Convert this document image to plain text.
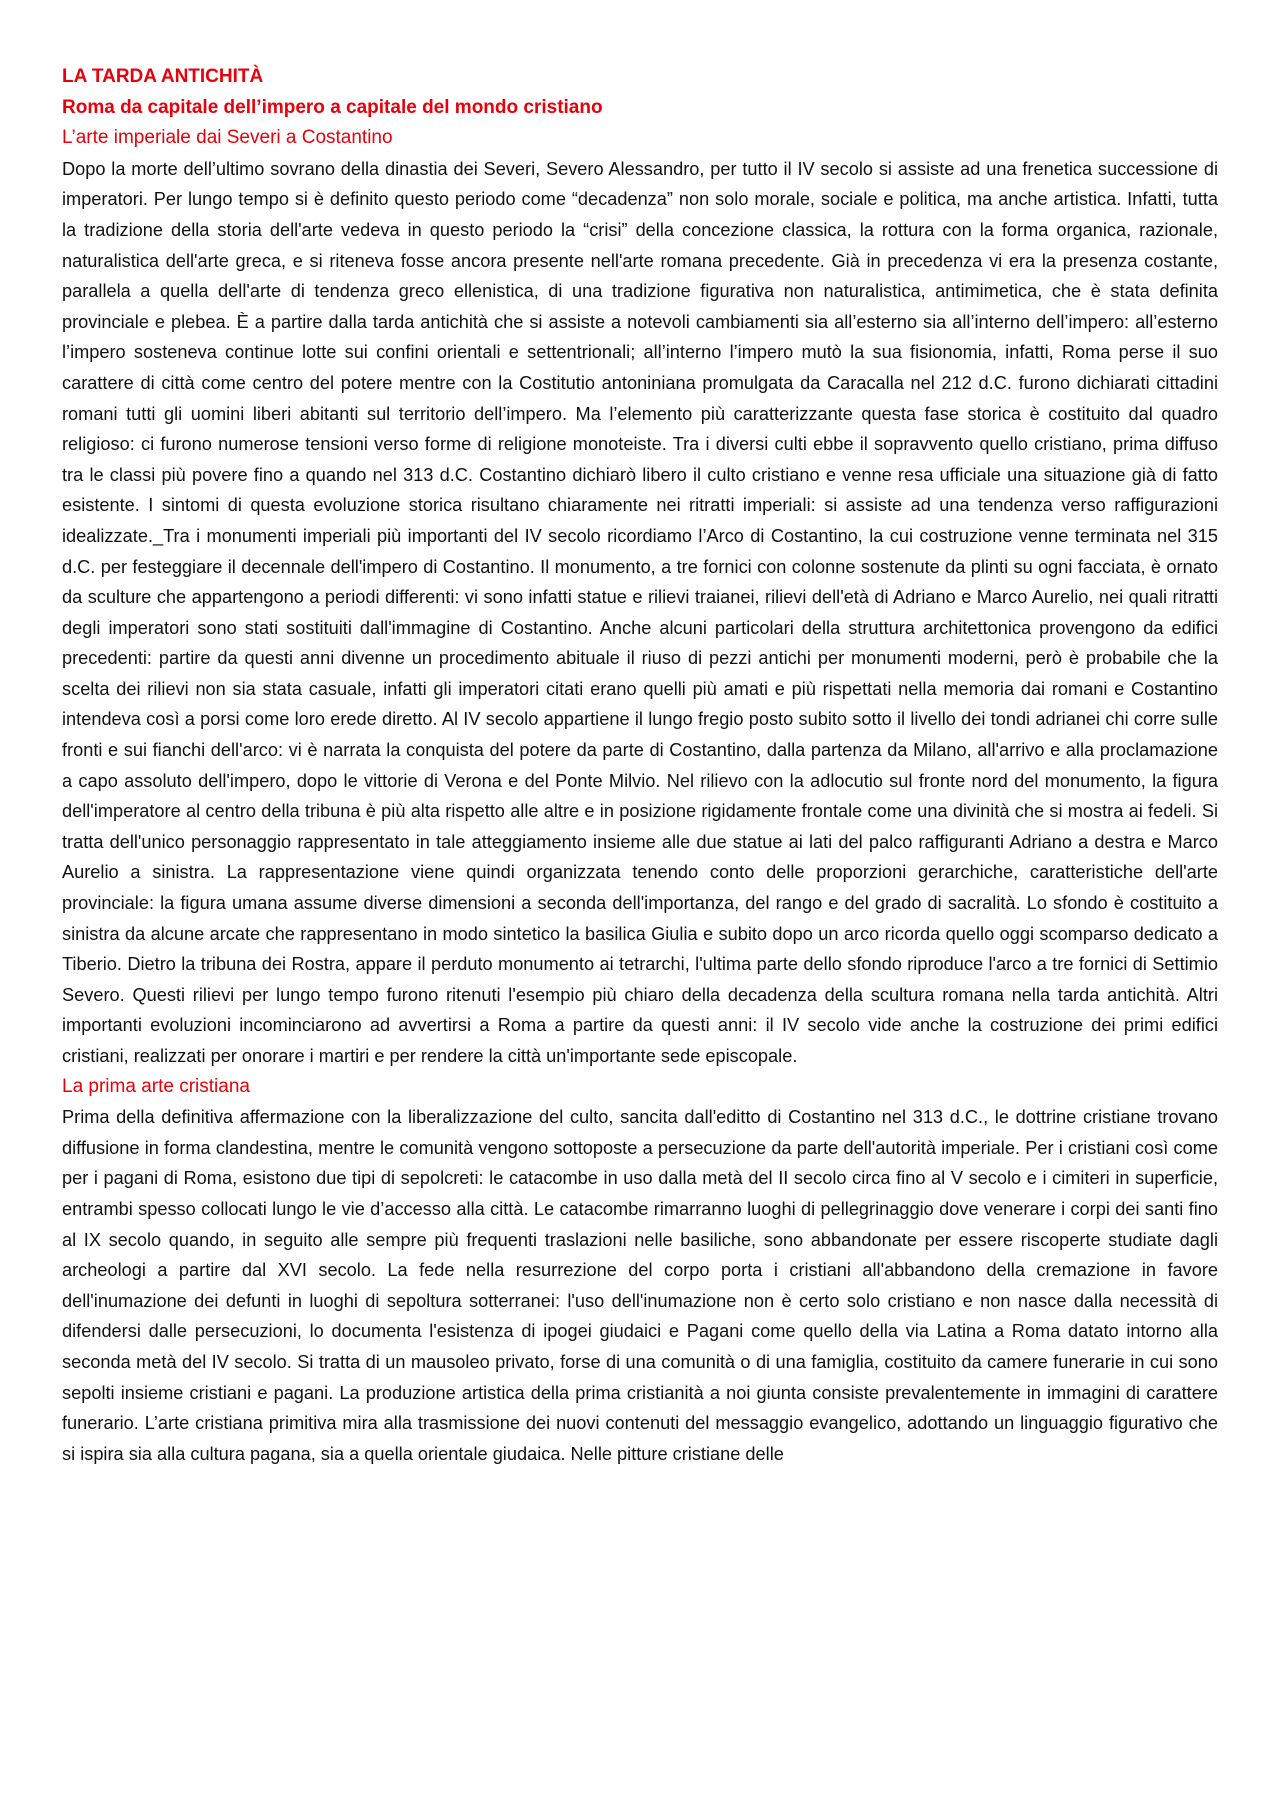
LA TARDA ANTICHITÀ

Roma da capitale dell’impero a capitale del mondo cristiano

L’arte imperiale dai Severi a Costantino

Dopo la morte dell’ultimo sovrano della dinastia dei Severi, Severo Alessandro, per tutto il IV secolo si assiste ad una frenetica successione di imperatori. Per lungo tempo si è definito questo periodo come “decadenza” non solo morale, sociale e politica, ma anche artistica. Infatti, tutta la tradizione della storia dell'arte vedeva in questo periodo la “crisi” della concezione classica, la rottura con la forma organica, razionale, naturalistica dell'arte greca, e si riteneva fosse ancora presente nell'arte romana precedente. Già in precedenza vi era la presenza costante, parallela a quella dell'arte di tendenza greco ellenistica, di una tradizione figurativa non naturalistica, antimimetica, che è stata definita provinciale e plebea. È a partire dalla tarda antichità che si assiste a notevoli cambiamenti sia all’esterno sia all’interno dell’impero: all’esterno l’impero sosteneva continue lotte sui confini orientali e settentrionali; all’interno l’impero mutò la sua fisionomia, infatti, Roma perse il suo carattere di città come centro del potere mentre con la Costitutio antoniniana promulgata da Caracalla nel 212 d.C. furono dichiarati cittadini romani tutti gli uomini liberi abitanti sul territorio dell’impero. Ma l’elemento più caratterizzante questa fase storica è costituito dal quadro religioso: ci furono numerose tensioni verso forme di religione monoteiste. Tra i diversi culti ebbe il sopravvento quello cristiano, prima diffuso tra le classi più povere fino a quando nel 313 d.C. Costantino dichiarò libero il culto cristiano e venne resa ufficiale una situazione già di fatto esistente. I sintomi di questa evoluzione storica risultano chiaramente nei ritratti imperiali: si assiste ad una tendenza verso raffigurazioni idealizzate._Tra i monumenti imperiali più importanti del IV secolo ricordiamo l’Arco di Costantino, la cui costruzione venne terminata nel 315 d.C. per festeggiare il decennale dell'impero di Costantino. Il monumento, a tre fornici con colonne sostenute da plinti su ogni facciata, è ornato da sculture che appartengono a periodi differenti: vi sono infatti statue e rilievi traianei, rilievi dell'età di Adriano e Marco Aurelio, nei quali ritratti degli imperatori sono stati sostituiti dall'immagine di Costantino. Anche alcuni particolari della struttura architettonica provengono da edifici precedenti: partire da questi anni divenne un procedimento abituale il riuso di pezzi antichi per monumenti moderni, però è probabile che la scelta dei rilievi non sia stata casuale, infatti gli imperatori citati erano quelli più amati e più rispettati nella memoria dai romani e Costantino intendeva così a porsi come loro erede diretto. Al IV secolo appartiene il lungo fregio posto subito sotto il livello dei tondi adrianei chi corre sulle fronti e sui fianchi dell'arco: vi è narrata la conquista del potere da parte di Costantino, dalla partenza da Milano, all'arrivo e alla proclamazione a capo assoluto dell'impero, dopo le vittorie di Verona e del Ponte Milvio. Nel rilievo con la adlocutio sul fronte nord del monumento, la figura dell'imperatore al centro della tribuna è più alta rispetto alle altre e in posizione rigidamente frontale come una divinità che si mostra ai fedeli. Si tratta dell'unico personaggio rappresentato in tale atteggiamento insieme alle due statue ai lati del palco raffiguranti Adriano a destra e Marco Aurelio a sinistra. La rappresentazione viene quindi organizzata tenendo conto delle proporzioni gerarchiche, caratteristiche dell'arte provinciale: la figura umana assume diverse dimensioni a seconda dell'importanza, del rango e del grado di sacralità. Lo sfondo è costituito a sinistra da alcune arcate che rappresentano in modo sintetico la basilica Giulia e subito dopo un arco ricorda quello oggi scomparso dedicato a Tiberio. Dietro la tribuna dei Rostra, appare il perduto monumento ai tetrarchi, l'ultima parte dello sfondo riproduce l'arco a tre fornici di Settimio Severo. Questi rilievi per lungo tempo furono ritenuti l'esempio più chiaro della decadenza della scultura romana nella tarda antichità. Altri importanti evoluzioni incominciarono ad avvertirsi a Roma a partire da questi anni: il IV secolo vide anche la costruzione dei primi edifici cristiani, realizzati per onorare i martiri e per rendere la città un'importante sede episcopale.

La prima arte cristiana

Prima della definitiva affermazione con la liberalizzazione del culto, sancita dall'editto di Costantino nel 313 d.C., le dottrine cristiane trovano diffusione in forma clandestina, mentre le comunità vengono sottoposte a persecuzione da parte dell'autorità imperiale. Per i cristiani così come per i pagani di Roma, esistono due tipi di sepolcreti: le catacombe in uso dalla metà del II secolo circa fino al V secolo e i cimiteri in superficie, entrambi spesso collocati lungo le vie d’accesso alla città. Le catacombe rimarranno luoghi di pellegrinaggio dove venerare i corpi dei santi fino al IX secolo quando, in seguito alle sempre più frequenti traslazioni nelle basiliche, sono abbandonate per essere riscoperte studiate dagli archeologi a partire dal XVI secolo. La fede nella resurrezione del corpo porta i cristiani all'abbandono della cremazione in favore dell'inumazione dei defunti in luoghi di sepoltura sotterranei: l'uso dell'inumazione non è certo solo cristiano e non nasce dalla necessità di difendersi dalle persecuzioni, lo documenta l'esistenza di ipogei giudaici e Pagani come quello della via Latina a Roma datato intorno alla seconda metà del IV secolo. Si tratta di un mausoleo privato, forse di una comunità o di una famiglia, costituito da camere funerarie in cui sono sepolti insieme cristiani e pagani. La produzione artistica della prima cristianità a noi giunta consiste prevalentemente in immagini di carattere funerario. L’arte cristiana primitiva mira alla trasmissione dei nuovi contenuti del messaggio evangelico, adottando un linguaggio figurativo che si ispira sia alla cultura pagana, sia a quella orientale giudaica. Nelle pitture cristiane delle
